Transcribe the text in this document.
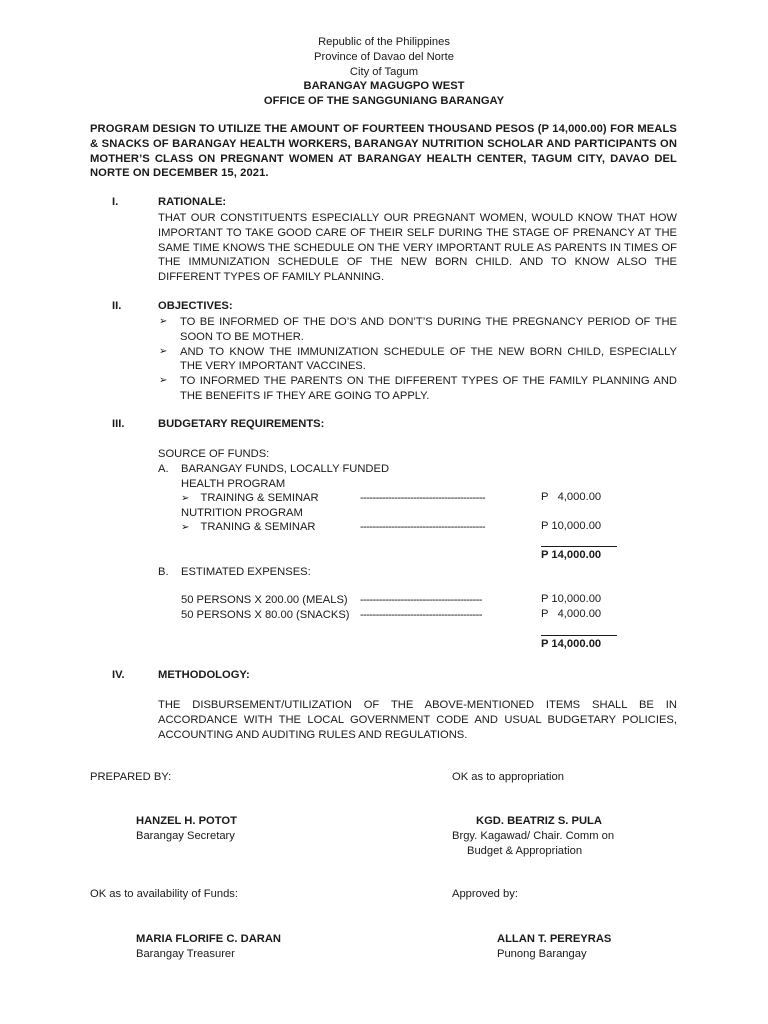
Republic of the Philippines
Province of Davao del Norte
City of Tagum
BARANGAY MAGUGPO WEST
OFFICE OF THE SANGGUNIANG BARANGAY
PROGRAM DESIGN TO UTILIZE THE AMOUNT OF FOURTEEN THOUSAND PESOS (P 14,000.00) FOR MEALS & SNACKS OF BARANGAY HEALTH WORKERS, BARANGAY NUTRITION SCHOLAR AND PARTICIPANTS ON MOTHER’S CLASS ON PREGNANT WOMEN AT BARANGAY HEALTH CENTER, TAGUM CITY, DAVAO DEL NORTE ON DECEMBER 15, 2021.
I.	RATIONALE:
THAT OUR CONSTITUENTS ESPECIALLY OUR PREGNANT WOMEN, WOULD KNOW THAT HOW IMPORTANT TO TAKE GOOD CARE OF THEIR SELF DURING THE STAGE OF PRENANCY AT THE SAME TIME KNOWS THE SCHEDULE ON THE VERY IMPORTANT RULE AS PARENTS IN TIMES OF THE IMMUNIZATION SCHEDULE OF THE NEW BORN CHILD. AND TO KNOW ALSO THE DIFFERENT TYPES OF FAMILY PLANNING.
II.	OBJECTIVES:
➢ TO BE INFORMED OF THE DO’S AND DON’T’S DURING THE PREGNANCY PERIOD OF THE SOON TO BE MOTHER.
➢ AND TO KNOW THE IMMUNIZATION SCHEDULE OF THE NEW BORN CHILD, ESPECIALLY THE VERY IMPORTANT VACCINES.
➢ TO INFORMED THE PARENTS ON THE DIFFERENT TYPES OF THE FAMILY PLANNING AND THE BENEFITS IF THEY ARE GOING TO APPLY.
III.	BUDGETARY REQUIREMENTS:
SOURCE OF FUNDS:
A. BARANGAY FUNDS, LOCALLY FUNDED
HEALTH PROGRAM
➢ TRAINING & SEMINAR	----------------------------------------	P   4,000.00
NUTRITION PROGRAM
➢ TRANING & SEMINAR	----------------------------------------	P 10,000.00
P 14,000.00
B. ESTIMATED EXPENSES:
50 PERSONS X 200.00 (MEALS) ---------------------------------------	P 10,000.00
50 PERSONS X 80.00 (SNACKS) ---------------------------------------	P   4,000.00
P 14,000.00
IV.	METHODOLOGY:
THE DISBURSEMENT/UTILIZATION OF THE ABOVE-MENTIONED ITEMS SHALL BE IN ACCORDANCE WITH THE LOCAL GOVERNMENT CODE AND USUAL BUDGETARY POLICIES, ACCOUNTING AND AUDITING RULES AND REGULATIONS.
PREPARED BY:	OK as to appropriation
HANZEL H. POTOT
Barangay Secretary
KGD. BEATRIZ S. PULA
Brgy. Kagawad/ Chair. Comm on
Budget & Appropriation
OK as to availability of Funds:	Approved by:
MARIA FLORIFE C. DARAN
Barangay Treasurer
ALLAN T. PEREYRAS
Punong Barangay
